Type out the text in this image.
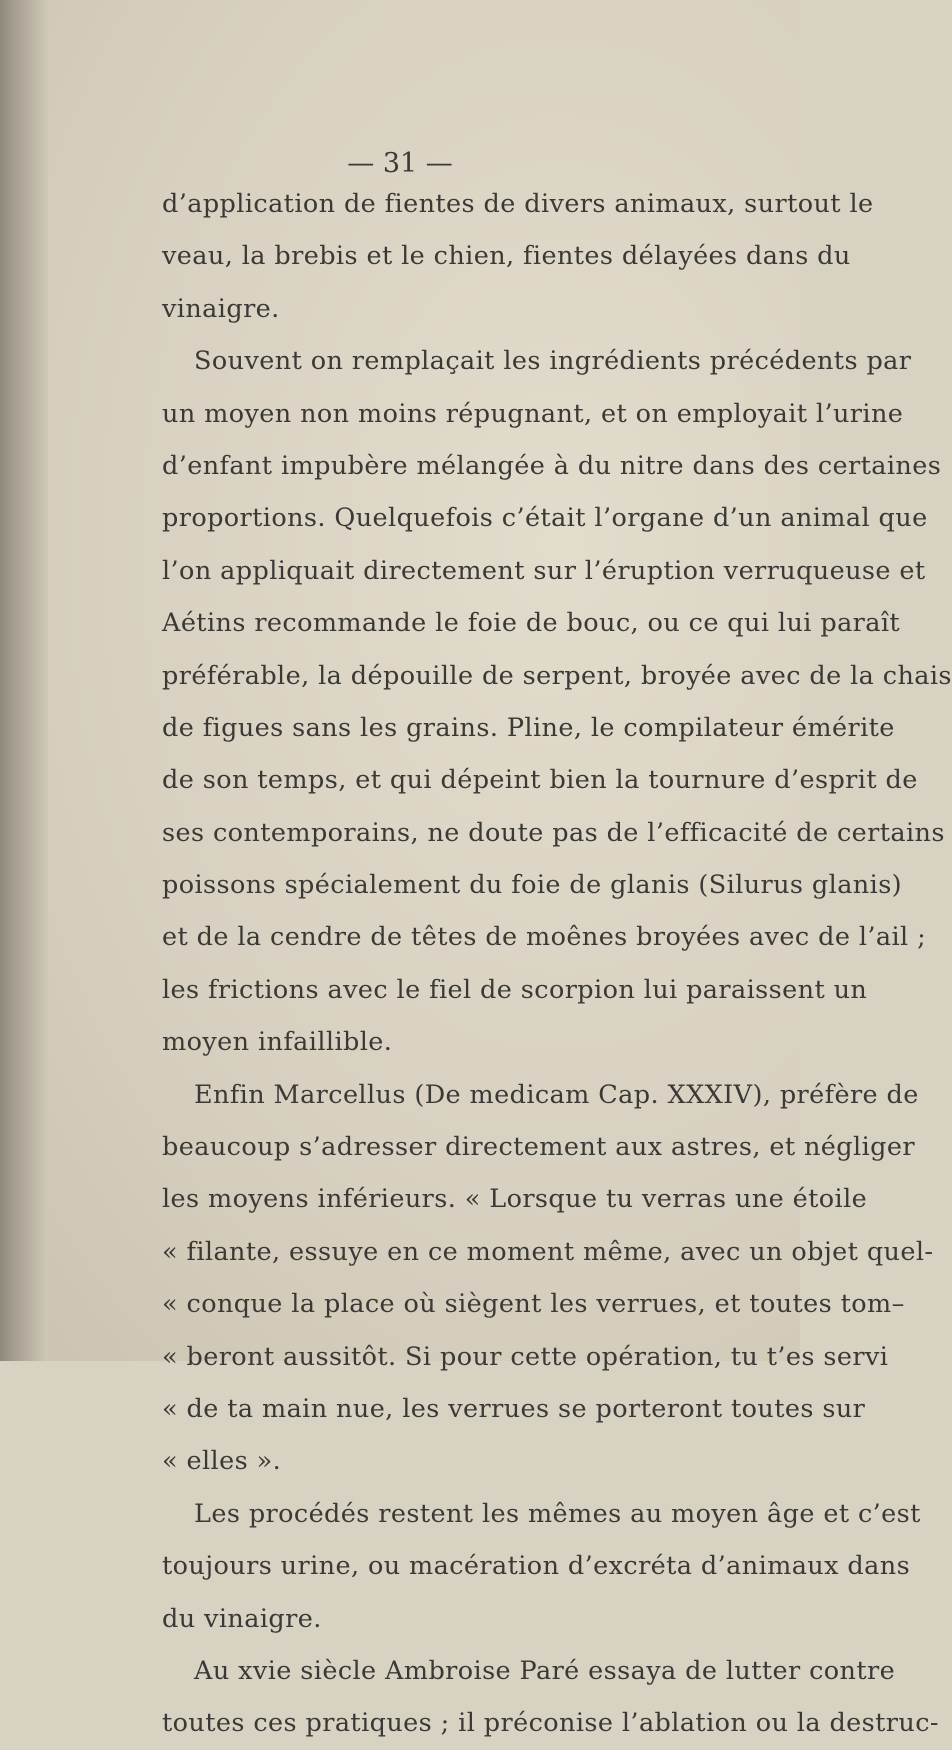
— 31 —
d’application de fientes de divers animaux, surtout le
veau, la brebis et le chien, fientes délayées dans du
vinaigre.
Souvent on remplaçait les ingrédients précédents par
un moyen non moins répugnant, et on employait l’urine
d’enfant impubère mélangée à du nitre dans des certaines
proportions. Quelquefois c’était l’organe d’un animal que
l’on appliquait directement sur l’éruption verruqueuse et
Aétins recommande le foie de bouc, ou ce qui lui paraît
préférable, la dépouille de serpent, broyée avec de la chais
de figues sans les grains. Pline, le compilateur émérite
de son temps, et qui dépeint bien la tournure d’esprit de
ses contemporains, ne doute pas de l’efficacité de certains
poissons spécialement du foie de glanis (Silurus glanis)
et de la cendre de têtes de moênes broyées avec de l’ail ;
les frictions avec le fiel de scorpion lui paraissent un
moyen infaillible.
Enfin Marcellus (De medicam Cap. XXXIV), préfère de
beaucoup s’adresser directement aux astres, et négliger
les moyens inférieurs. « Lorsque tu verras une étoile
« filante, essuye en ce moment même, avec un objet quel-
« conque la place où siègent les verrues, et toutes tom–
« beront aussitôt. Si pour cette opération, tu t’es servi
« de ta main nue, les verrues se porteront toutes sur
« elles ».
Les procédés restent les mêmes au moyen âge et c’est
toujours urine, ou macération d’excréta d’animaux dans
du vinaigre.
Au xvie siècle Ambroise Paré essaya de lutter contre
toutes ces pratiques ; il préconise l’ablation ou la destruc-
